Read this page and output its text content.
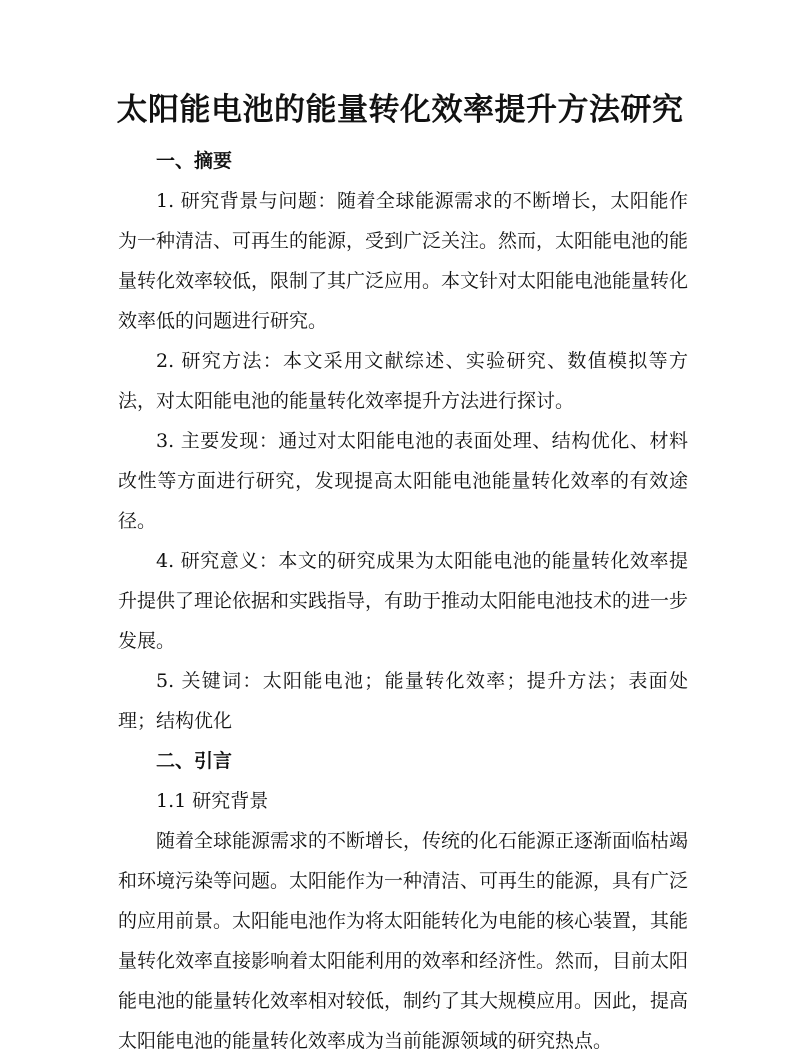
太阳能电池的能量转化效率提升方法研究
一、摘要

1. 研究背景与问题：随着全球能源需求的不断增长，太阳能作为一种清洁、可再生的能源，受到广泛关注。然而，太阳能电池的能量转化效率较低，限制了其广泛应用。本文针对太阳能电池能量转化效率低的问题进行研究。

2. 研究方法：本文采用文献综述、实验研究、数值模拟等方法，对太阳能电池的能量转化效率提升方法进行探讨。

3. 主要发现：通过对太阳能电池的表面处理、结构优化、材料改性等方面进行研究，发现提高太阳能电池能量转化效率的有效途径。

4. 研究意义：本文的研究成果为太阳能电池的能量转化效率提升提供了理论依据和实践指导，有助于推动太阳能电池技术的进一步发展。

5. 关键词：太阳能电池；能量转化效率；提升方法；表面处理；结构优化

二、引言
1.1 研究背景

随着全球能源需求的不断增长，传统的化石能源正逐渐面临枯竭和环境污染等问题。太阳能作为一种清洁、可再生的能源，具有广泛的应用前景。太阳能电池作为将太阳能转化为电能的核心装置，其能量转化效率直接影响着太阳能利用的效率和经济性。然而，目前太阳能电池的能量转化效率相对较低，制约了其大规模应用。因此，提高太阳能电池的能量转化效率成为当前能源领域的研究热点。
